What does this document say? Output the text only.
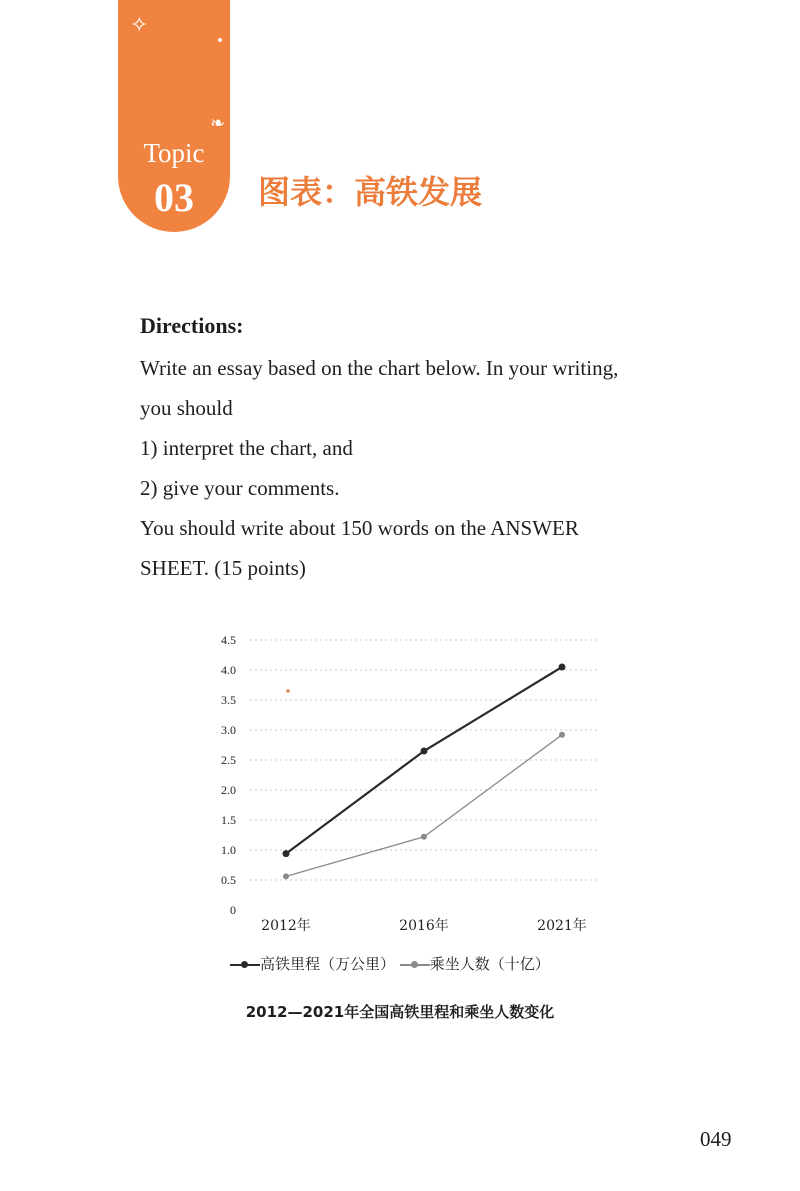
✧
❧
Topic
03	图表：高铁发展
Directions:
Write an essay based on the chart below. In your writing,
you should
1) interpret the chart, and
2) give your comments.
You should write about 150 words on the ANSWER
SHEET. (15 points)
0
0.5
1.0
1.5
2.0
2.5
3.0
3.5
4.0
4.5
2012年	2016年	2021年
高铁里程（万公里） 乘坐人数（十亿）
2012—2021年全国高铁里程和乘坐人数变化
049
